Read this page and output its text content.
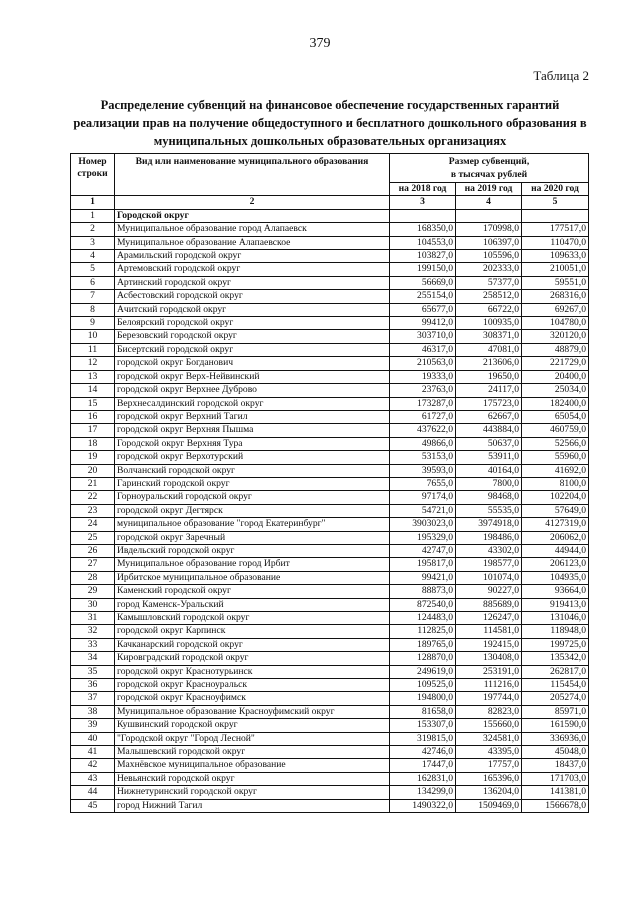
379
Таблица 2
Распределение субвенций на финансовое обеспечение государственных гарантий реализации прав на получение общедоступного и бесплатного дошкольного образования в муниципальных дошкольных образовательных организациях
Номер
строки	Вид или наименование муниципального образования	Размер субвенций,
в тысячах рублей		
		на 2018 год	на 2019 год	на 2020 год
1	2	3	4	5
1	Городской округ			
2	Муниципальное образование город Алапаевск	168350,0	170998,0	177517,0
3	Муниципальное образование Алапаевское	104553,0	106397,0	110470,0
4	Арамильский городской округ	103827,0	105596,0	109633,0
5	Артемовский городской округ	199150,0	202333,0	210051,0
6	Артинский городской округ	56669,0	57377,0	59551,0
7	Асбестовский городской округ	255154,0	258512,0	268316,0
8	Ачитский городской округ	65677,0	66722,0	69267,0
9	Белоярский городской округ	99412,0	100935,0	104780,0
10	Березовский городской округ	303710,0	308371,0	320120,0
11	Бисертский городской округ	46317,0	47081,0	48879,0
12	городской округ Богданович	210563,0	213606,0	221729,0
13	городской округ Верх-Нейвинский	19333,0	19650,0	20400,0
14	городской округ Верхнее Дуброво	23763,0	24117,0	25034,0
15	Верхнесалдинский городской округ	173287,0	175723,0	182400,0
16	городской округ Верхний Тагил	61727,0	62667,0	65054,0
17	городской округ Верхняя Пышма	437622,0	443884,0	460759,0
18	Городской округ Верхняя Тура	49866,0	50637,0	52566,0
19	городской округ Верхотурский	53153,0	53911,0	55960,0
20	Волчанский городской округ	39593,0	40164,0	41692,0
21	Гаринский городской округ	7655,0	7800,0	8100,0
22	Горноуральский городской округ	97174,0	98468,0	102204,0
23	городской округ Дегтярск	54721,0	55535,0	57649,0
24	муниципальное образование "город Екатеринбург"	3903023,0	3974918,0	4127319,0
25	городской округ Заречный	195329,0	198486,0	206062,0
26	Ивдельский городской округ	42747,0	43302,0	44944,0
27	Муниципальное образование город Ирбит	195817,0	198577,0	206123,0
28	Ирбитское муниципальное образование	99421,0	101074,0	104935,0
29	Каменский городской округ	88873,0	90227,0	93664,0
30	город Каменск-Уральский	872540,0	885689,0	919413,0
31	Камышловский городской округ	124483,0	126247,0	131046,0
32	городской округ Карпинск	112825,0	114581,0	118948,0
33	Качканарский городской округ	189765,0	192415,0	199725,0
34	Кировградский городской округ	128870,0	130408,0	135342,0
35	городской округ Краснотурьинск	249619,0	253191,0	262817,0
36	городской округ Красноуральск	109525,0	111216,0	115454,0
37	городской округ Красноуфимск	194800,0	197744,0	205274,0
38	Муниципальное образование Красноуфимский округ	81658,0	82823,0	85971,0
39	Кушвинский городской округ	153307,0	155660,0	161590,0
40	"Городской округ "Город Лесной"	319815,0	324581,0	336936,0
41	Малышевский городской округ	42746,0	43395,0	45048,0
42	Махнёвское муниципальное образование	17447,0	17757,0	18437,0
43	Невьянский городской округ	162831,0	165396,0	171703,0
44	Нижнетуринский городской округ	134299,0	136204,0	141381,0
45	город Нижний Тагил	1490322,0	1509469,0	1566678,0
